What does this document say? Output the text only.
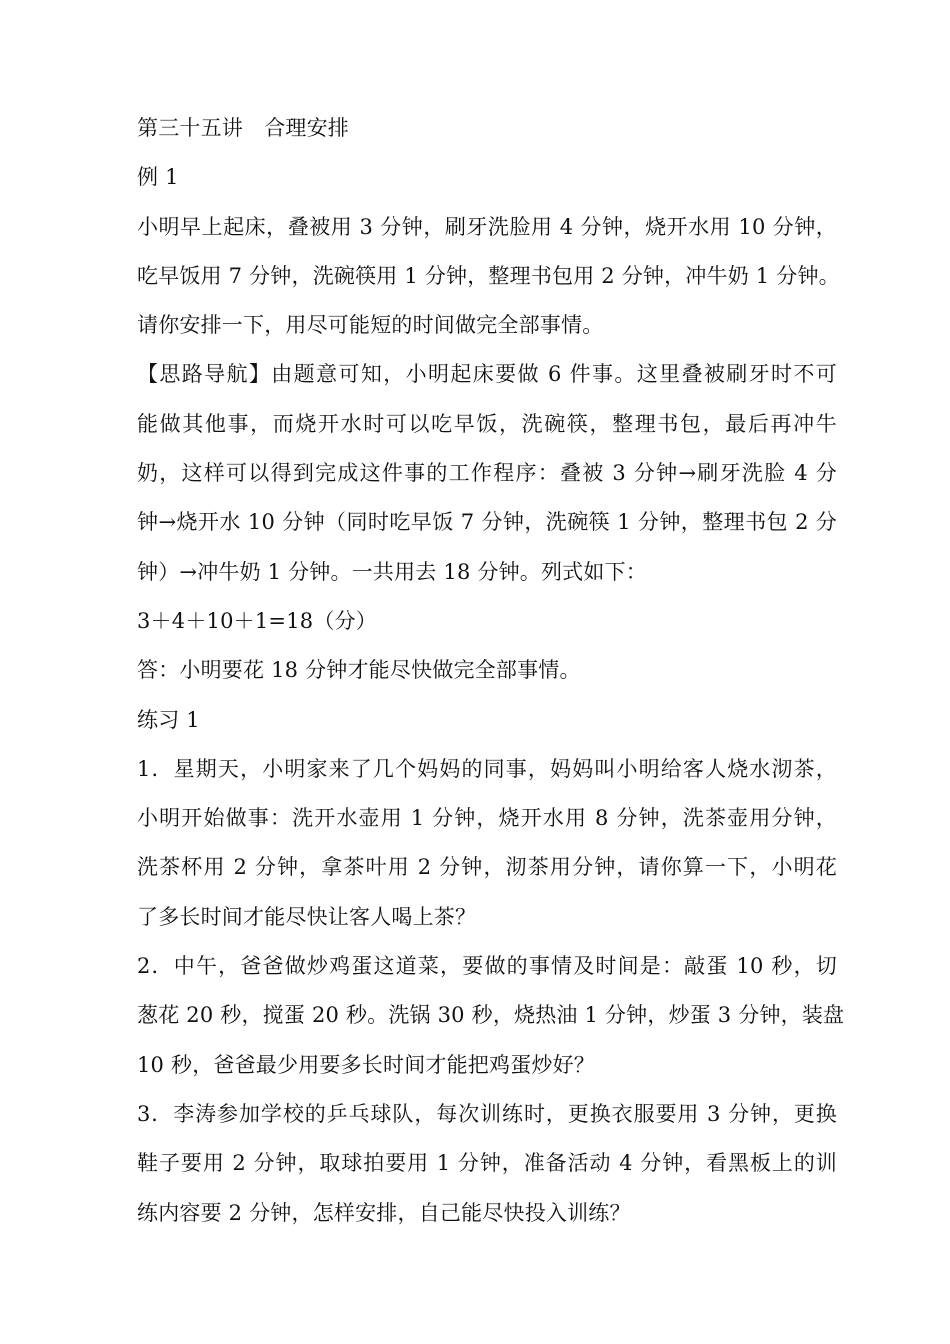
第三十五讲　合理安排
例 1
小明早上起床，叠被用 3 分钟，刷牙洗脸用 4 分钟，烧开水用 10 分钟，
吃早饭用 7 分钟，洗碗筷用 1 分钟，整理书包用 2 分钟，冲牛奶 1 分钟。
请你安排一下，用尽可能短的时间做完全部事情。
【思路导航】由题意可知，小明起床要做 6 件事。这里叠被刷牙时不可
能做其他事，而烧开水时可以吃早饭，洗碗筷，整理书包，最后再冲牛
奶，这样可以得到完成这件事的工作程序：叠被 3 分钟→刷牙洗脸 4 分
钟→烧开水 10 分钟（同时吃早饭 7 分钟，洗碗筷 1 分钟，整理书包 2 分
钟）→冲牛奶 1 分钟。一共用去 18 分钟。列式如下：
3＋4＋10＋1=18（分）
答：小明要花 18 分钟才能尽快做完全部事情。
练习 1
1．星期天，小明家来了几个妈妈的同事，妈妈叫小明给客人烧水沏茶，
小明开始做事：洗开水壶用 1 分钟，烧开水用 8 分钟，洗茶壶用分钟，
洗茶杯用 2 分钟，拿茶叶用 2 分钟，沏茶用分钟，请你算一下，小明花
了多长时间才能尽快让客人喝上茶？
2．中午，爸爸做炒鸡蛋这道菜，要做的事情及时间是：敲蛋 10 秒，切
葱花 20 秒，搅蛋 20 秒。洗锅 30 秒，烧热油 1 分钟，炒蛋 3 分钟，装盘
10 秒，爸爸最少用要多长时间才能把鸡蛋炒好？
3．李涛参加学校的乒乓球队，每次训练时，更换衣服要用 3 分钟，更换
鞋子要用 2 分钟，取球拍要用 1 分钟，准备活动 4 分钟，看黑板上的训
练内容要 2 分钟，怎样安排，自己能尽快投入训练？
